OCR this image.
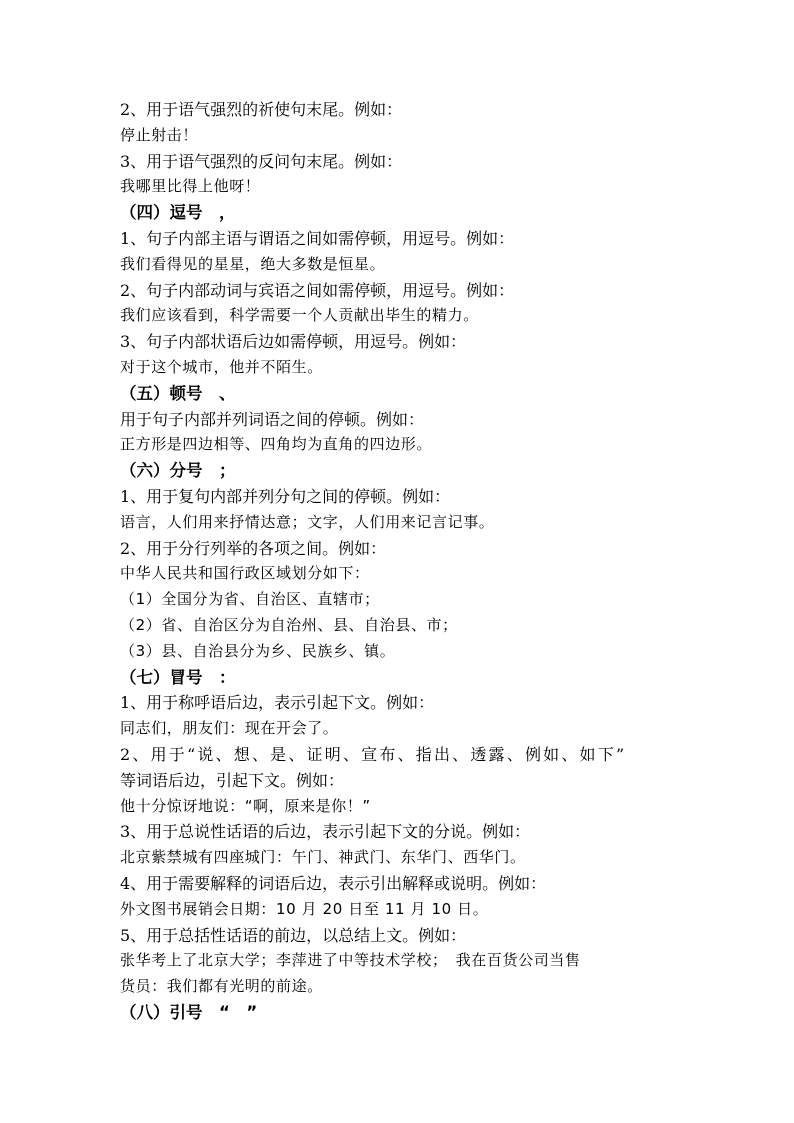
2、用于语气强烈的祈使句末尾。例如：
停止射击！
3、用于语气强烈的反问句末尾。例如：
我哪里比得上他呀！
（四）逗号　，
1、句子内部主语与谓语之间如需停顿，用逗号。例如：
我们看得见的星星，绝大多数是恒星。
2、句子内部动词与宾语之间如需停顿，用逗号。例如：
我们应该看到，科学需要一个人贡献出毕生的精力。
3、句子内部状语后边如需停顿，用逗号。例如：
对于这个城市，他并不陌生。
（五）顿号　、
用于句子内部并列词语之间的停顿。例如：
正方形是四边相等、四角均为直角的四边形。
（六）分号　；
1、用于复句内部并列分句之间的停顿。例如：
语言，人们用来抒情达意；文字，人们用来记言记事。
2、用于分行列举的各项之间。例如：
中华人民共和国行政区域划分如下：
（1）全国分为省、自治区、直辖市；
（2）省、自治区分为自治州、县、自治县、市；
（3）县、自治县分为乡、民族乡、镇。
（七）冒号　：
1、用于称呼语后边，表示引起下文。例如：
同志们，朋友们：现在开会了。
2、用于“说、想、是、证明、宣布、指出、透露、例如、如下”
等词语后边，引起下文。例如：
他十分惊讶地说：“啊，原来是你！”
3、用于总说性话语的后边，表示引起下文的分说。例如：
北京紫禁城有四座城门：午门、神武门、东华门、西华门。
4、用于需要解释的词语后边，表示引出解释或说明。例如：
外文图书展销会日期：10 月 20 日至 11 月 10 日。
5、用于总括性话语的前边，以总结上文。例如：
张华考上了北京大学；李萍进了中等技术学校；　我在百货公司当售
货员：我们都有光明的前途。
（八）引号　“　”
